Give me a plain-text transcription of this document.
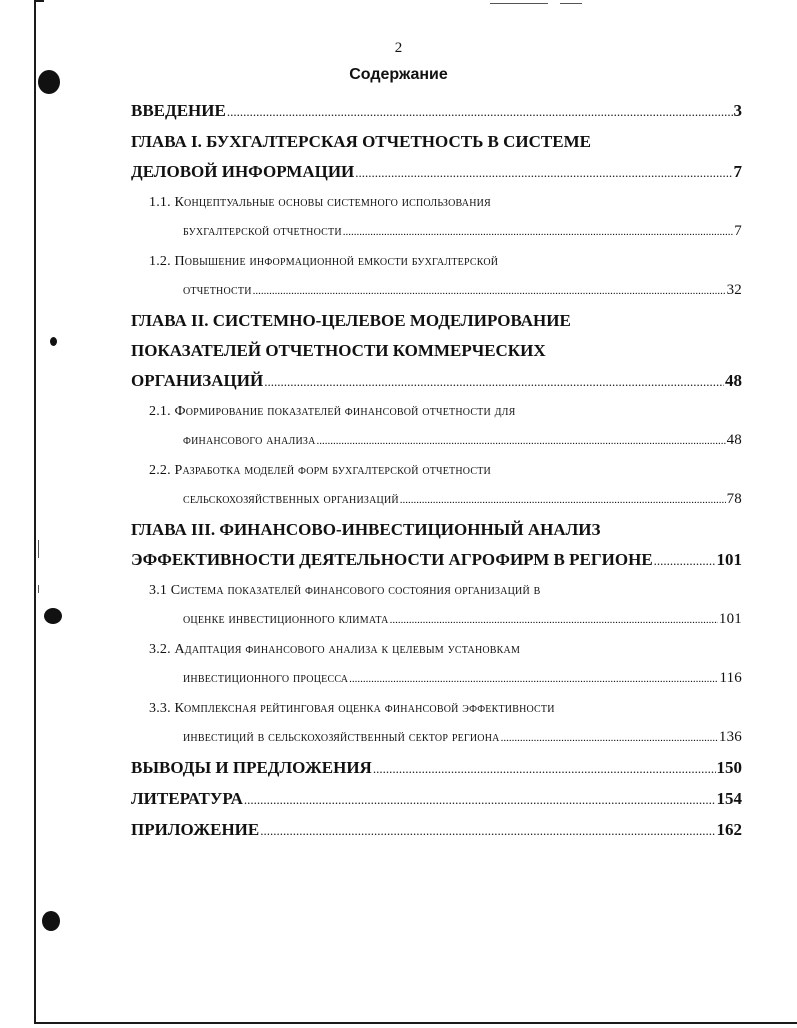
2
Содержание
ВВЕДЕНИЕ .....	3
ГЛАВА I. БУХГАЛТЕРСКАЯ ОТЧЕТНОСТЬ В СИСТЕМЕ
ДЕЛОВОЙ ИНФОРМАЦИИ .....	7
1.1. Концептуальные основы системного использования
бухгалтерской отчетности .....	7
1.2. Повышение информационной емкости бухгалтерской
отчетности .....	32
ГЛАВА II. СИСТЕМНО-ЦЕЛЕВОЕ МОДЕЛИРОВАНИЕ
ПОКАЗАТЕЛЕЙ ОТЧЕТНОСТИ КОММЕРЧЕСКИХ
ОРГАНИЗАЦИЙ .....	48
2.1. Формирование показателей финансовой отчетности для
финансового анализа .....	48
2.2. Разработка моделей форм бухгалтерской отчетности
сельскохозяйственных организаций .....	78
ГЛАВА III. ФИНАНСОВО-ИНВЕСТИЦИОННЫЙ АНАЛИЗ
ЭФФЕКТИВНОСТИ ДЕЯТЕЛЬНОСТИ АГРОФИРМ В РЕГИОНЕ .....	101
3.1 Система показателей финансового состояния организаций в
оценке инвестиционного климата .....	101
3.2. Адаптация финансового анализа к целевым установкам
инвестиционного процесса .....	116
3.3. Комплексная рейтинговая оценка финансовой эффективности
инвестиций в сельскохозяйственный сектор региона .....	136
ВЫВОДЫ И ПРЕДЛОЖЕНИЯ .....	150
ЛИТЕРАТУРА .....	154
ПРИЛОЖЕНИЕ .....	162
